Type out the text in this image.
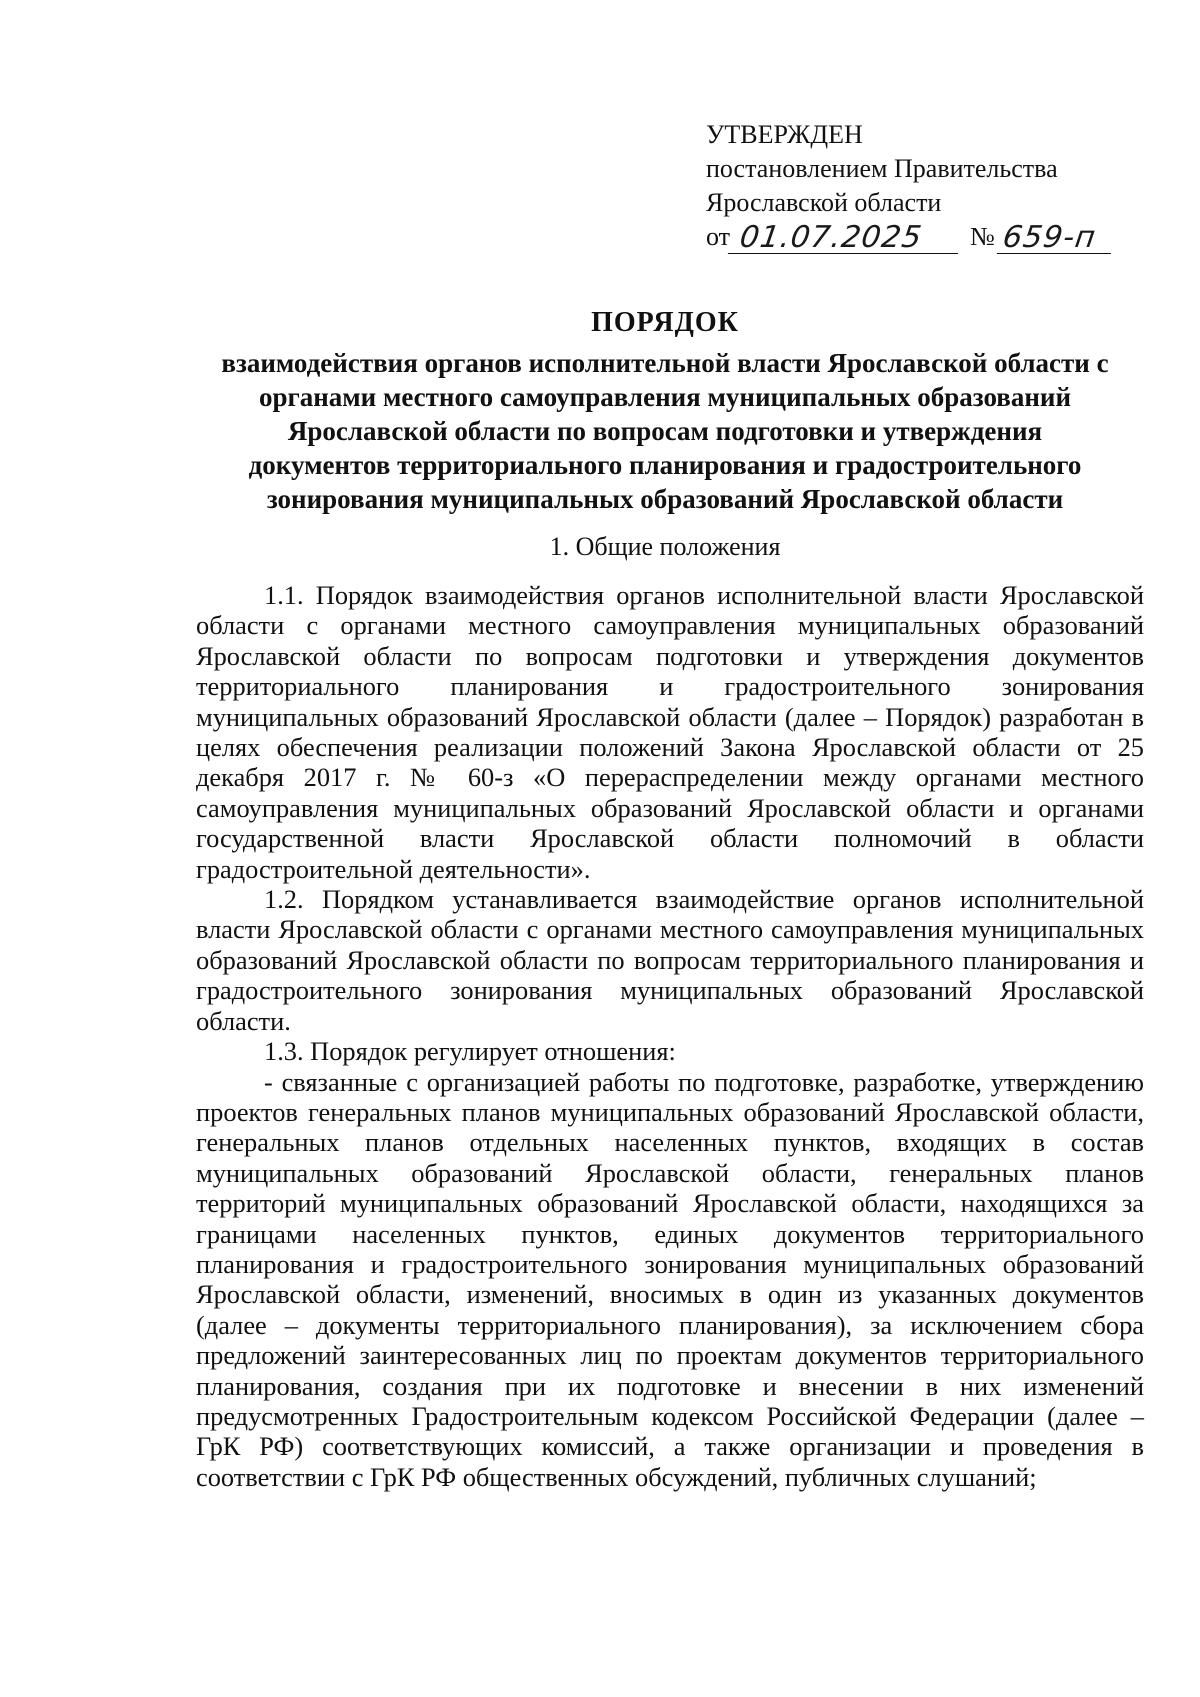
УТВЕРЖДЕН
постановлением Правительства
Ярославской области
от 01.07.2025	№ 659-п
ПОРЯДОК
взаимодействия органов исполнительной власти Ярославской области с
органами местного самоуправления муниципальных образований
Ярославской области по вопросам подготовки и утверждения
документов территориального планирования и градостроительного
зонирования муниципальных образований Ярославской области
1. Общие положения

1.1. Порядок взаимодействия органов исполнительной власти Ярославской области с органами местного самоуправления муниципальных образований Ярославской области по вопросам подготовки и утверждения документов территориального планирования и градостроительного зонирования муниципальных образований Ярославской области (далее – Порядок) разработан в целях обеспечения реализации положений Закона Ярославской области от 25 декабря 2017 г. № 60-з «О перераспределении между органами местного самоуправления муниципальных образований Ярославской области и органами государственной власти Ярославской области полномочий в области градостроительной деятельности».

1.2. Порядком устанавливается взаимодействие органов исполнительной власти Ярославской области с органами местного самоуправления муниципальных образований Ярославской области по вопросам территориального планирования и градостроительного зонирования муниципальных образований Ярославской области.

1.3. Порядок регулирует отношения:

- связанные с организацией работы по подготовке, разработке, утверждению проектов генеральных планов муниципальных образований Ярославской области, генеральных планов отдельных населенных пунктов, входящих в состав муниципальных образований Ярославской области, генеральных планов территорий муниципальных образований Ярославской области, находящихся за границами населенных пунктов, единых документов территориального планирования и градостроительного зонирования муниципальных образований Ярославской области, изменений, вносимых в один из указанных документов (далее – документы территориального планирования), за исключением сбора предложений заинтересованных лиц по проектам документов территориального планирования, создания при их подготовке и внесении в них изменений предусмотренных Градостроительным кодексом Российской Федерации (далее – ГрК РФ) соответствующих комиссий, а также организации и проведения в соответствии с ГрК РФ общественных обсуждений, публичных слушаний;
